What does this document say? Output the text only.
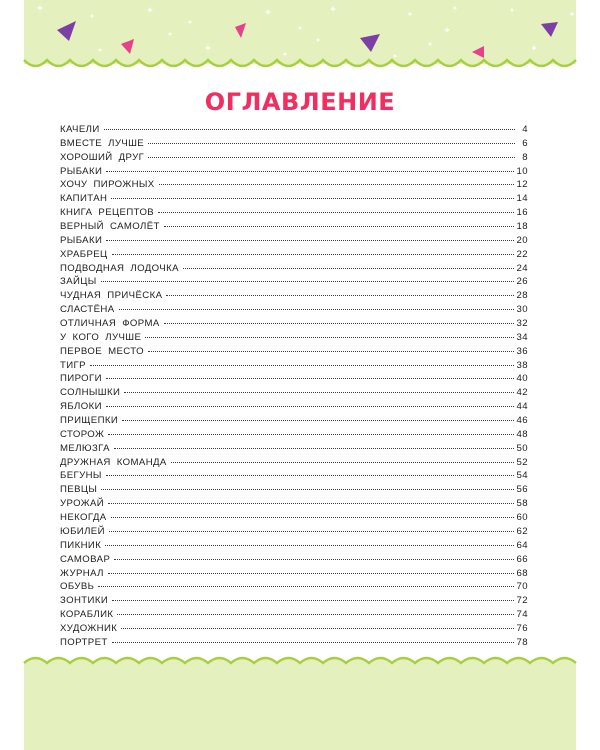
ОГЛАВЛЕНИЕ
КАЧЕЛИ	4
ВМЕСТЕ ЛУЧШЕ	6
ХОРОШИЙ ДРУГ	8
РЫБАКИ	10
ХОЧУ ПИРОЖНЫХ	12
КАПИТАН	14
КНИГА РЕЦЕПТОВ	16
ВЕРНЫЙ САМОЛЁТ	18
РЫБАКИ	20
ХРАБРЕЦ	22
ПОДВОДНАЯ ЛОДОЧКА	24
ЗАЙЦЫ	26
ЧУДНАЯ ПРИЧЁСКА	28
СЛАСТЁНА	30
ОТЛИЧНАЯ ФОРМА	32
У КОГО ЛУЧШЕ	34
ПЕРВОЕ МЕСТО	36
ТИГР	38
ПИРОГИ	40
СОЛНЫШКИ	42
ЯБЛОКИ	44
ПРИЩЕПКИ	46
СТОРОЖ	48
МЕЛЮЗГА	50
ДРУЖНАЯ КОМАНДА	52
БЕГУНЫ	54
ПЕВЦЫ	56
УРОЖАЙ	58
НЕКОГДА	60
ЮБИЛЕЙ	62
ПИКНИК	64
САМОВАР	66
ЖУРНАЛ	68
ОБУВЬ	70
ЗОНТИКИ	72
КОРАБЛИК	74
ХУДОЖНИК	76
ПОРТРЕТ	78
